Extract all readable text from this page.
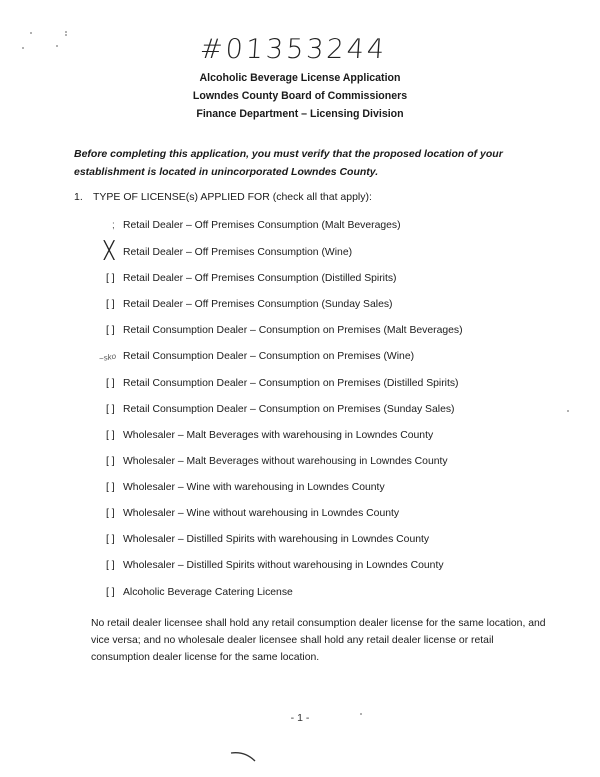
#01353244
Alcoholic Beverage License Application
Lowndes County Board of Commissioners
Finance Department – Licensing Division
Before completing this application, you must verify that the proposed location of your establishment is located in unincorporated Lowndes County.
1. TYPE OF LICENSE(s) APPLIED FOR (check all that apply):
; Retail Dealer – Off Premises Consumption (Malt Beverages)
╳ Retail Dealer – Off Premises Consumption (Wine)
[ ] Retail Dealer – Off Premises Consumption (Distilled Spirits)
[ ] Retail Dealer – Off Premises Consumption (Sunday Sales)
[ ] Retail Consumption Dealer – Consumption on Premises (Malt Beverages)
~sko Retail Consumption Dealer – Consumption on Premises (Wine)
[ ] Retail Consumption Dealer – Consumption on Premises (Distilled Spirits)
[ ] Retail Consumption Dealer – Consumption on Premises (Sunday Sales)
[ ] Wholesaler – Malt Beverages with warehousing in Lowndes County
[ ] Wholesaler – Malt Beverages without warehousing in Lowndes County
[ ] Wholesaler – Wine with warehousing in Lowndes County
[ ] Wholesaler – Wine without warehousing in Lowndes County
[ ] Wholesaler – Distilled Spirits with warehousing in Lowndes County
[ ] Wholesaler – Distilled Spirits without warehousing in Lowndes County
[ ] Alcoholic Beverage Catering License
No retail dealer licensee shall hold any retail consumption dealer license for the same location, and vice versa; and no wholesale dealer licensee shall hold any retail dealer license or retail consumption dealer license for the same location.
- 1 -
